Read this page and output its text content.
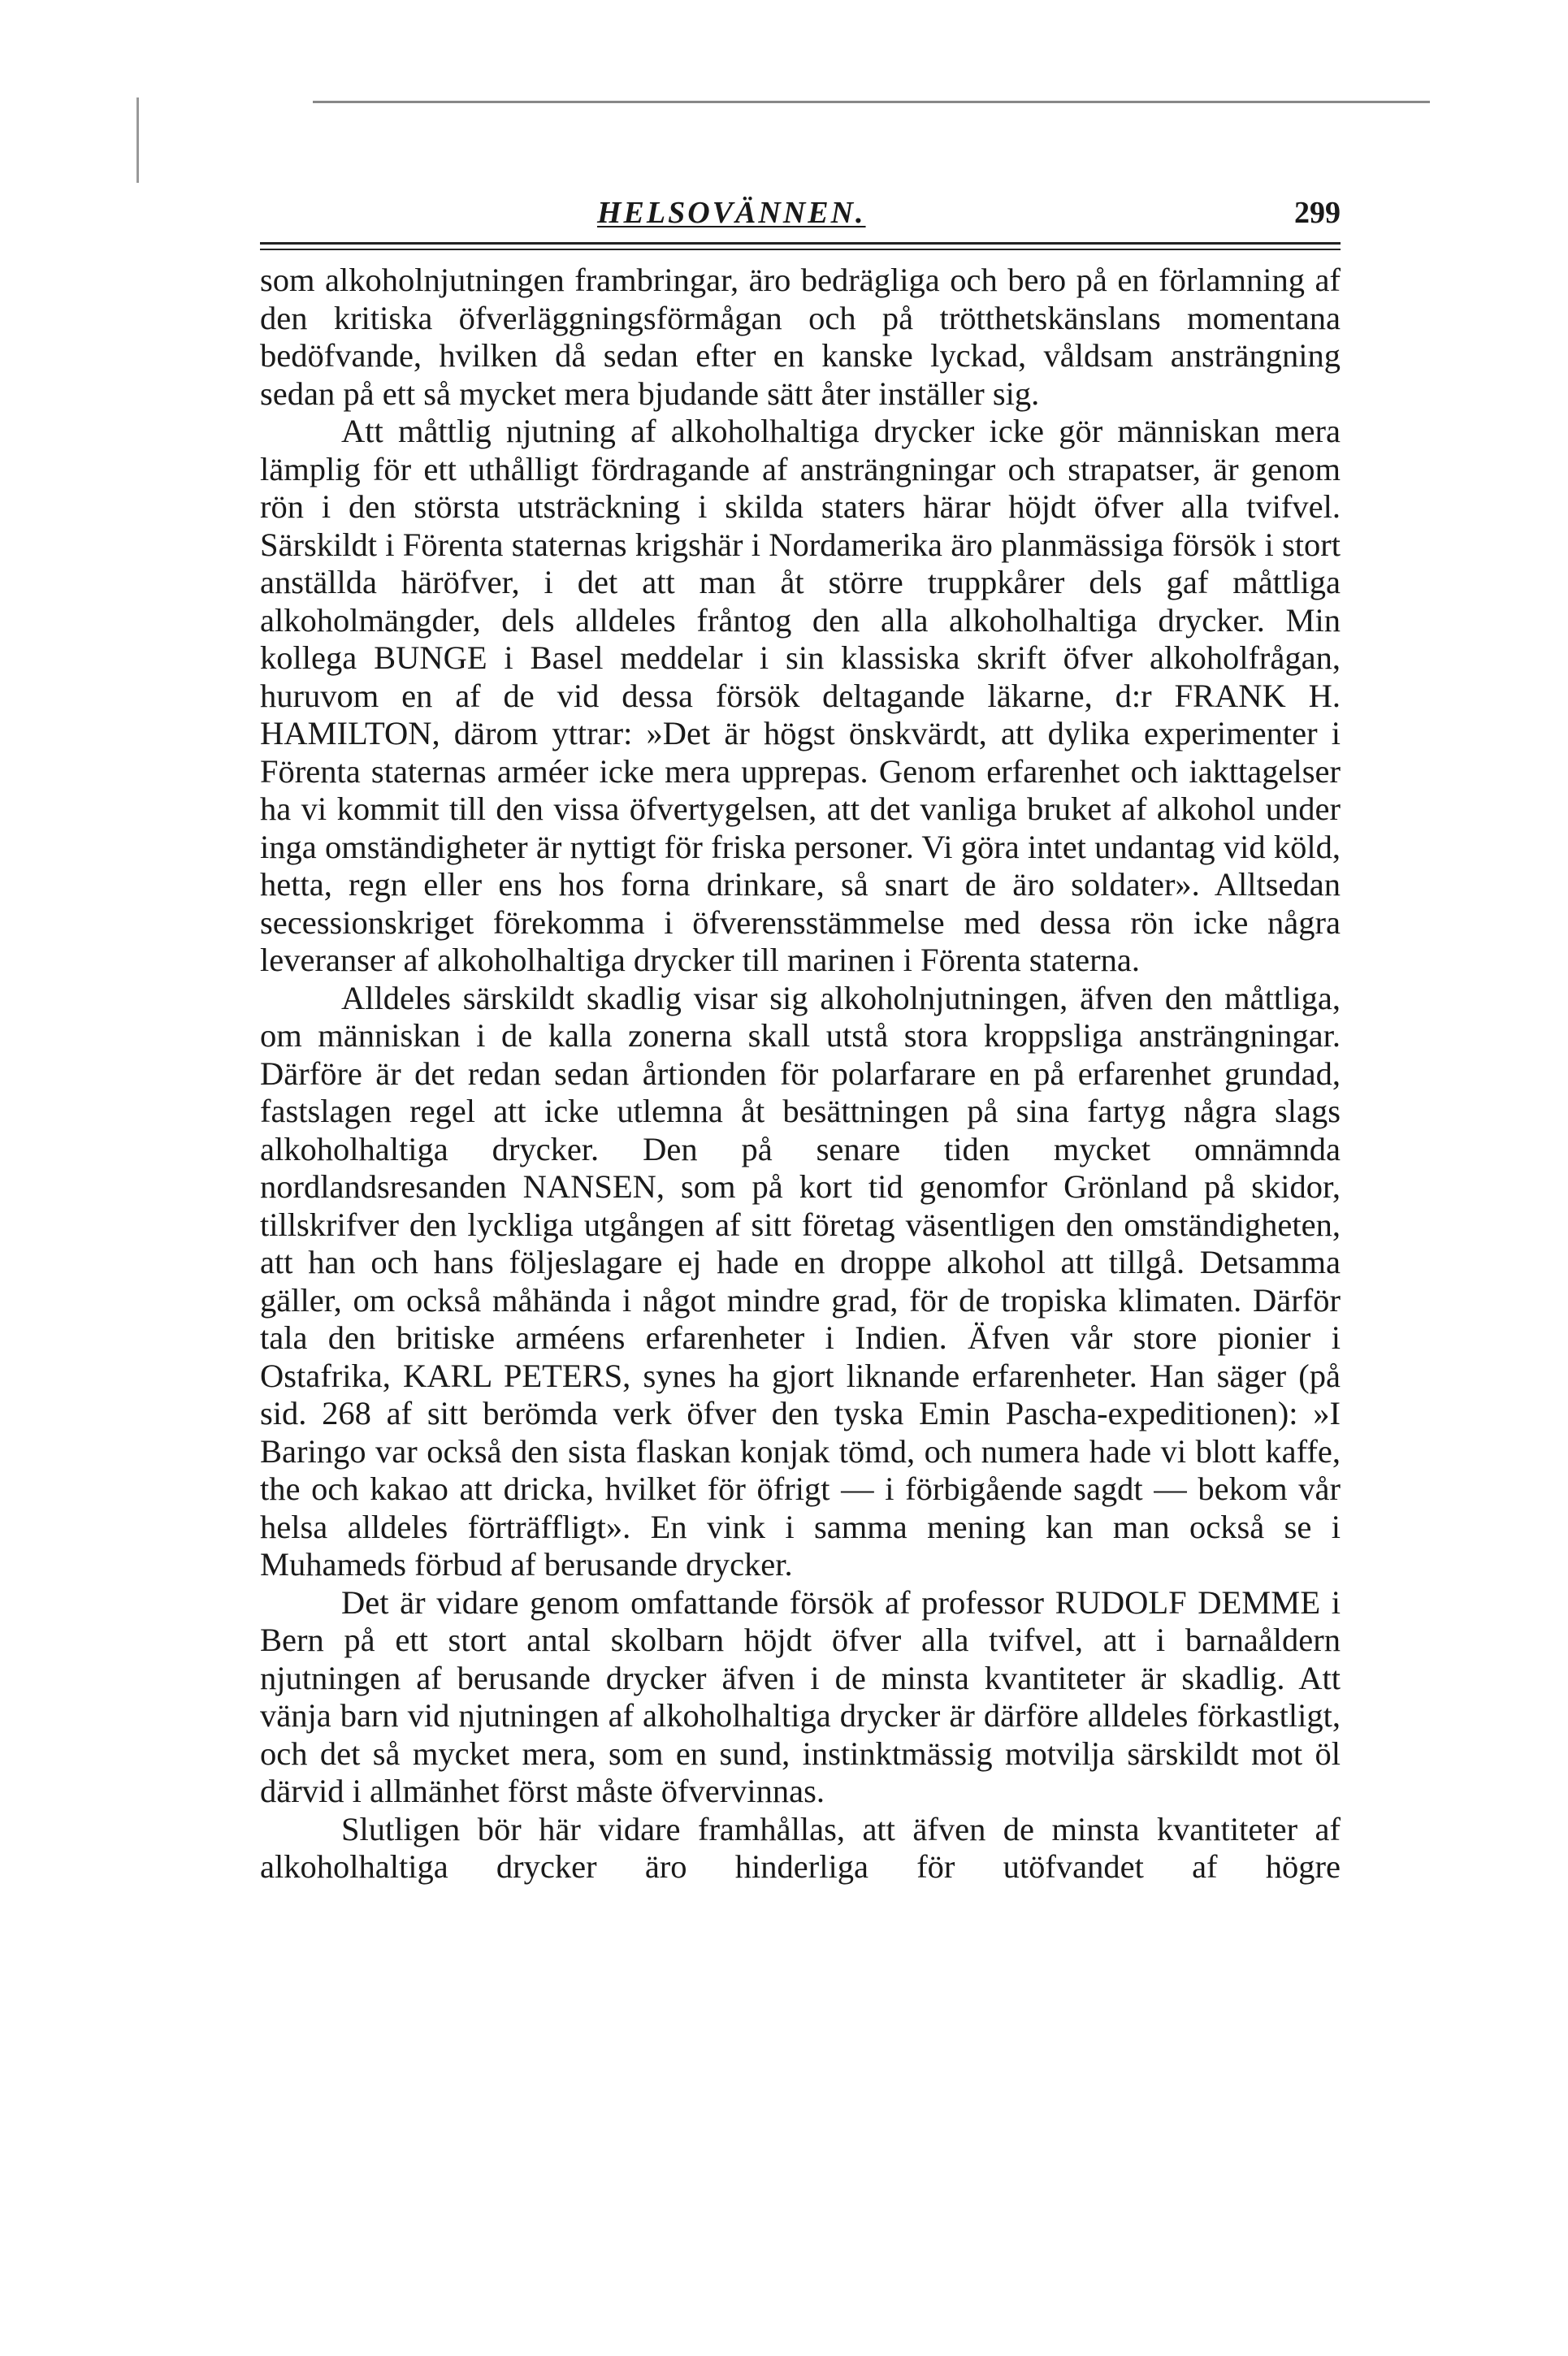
HELSOVÄNNEN.	299

som alkoholnjutningen frambringar, äro bedrägliga och bero på en förlamning af den kritiska öfverläggningsförmågan och på trötthetskänslans momentana bedöfvande, hvilken då sedan efter en kanske lyckad, våldsam ansträngning sedan på ett så mycket mera bjudande sätt åter inställer sig.

Att måttlig njutning af alkoholhaltiga drycker icke gör människan mera lämplig för ett uthålligt fördragande af ansträngningar och strapatser, är genom rön i den största utsträckning i skilda staters härar höjdt öfver alla tvifvel. Särskildt i Förenta staternas krigshär i Nordamerika äro planmässiga försök i stort anställda häröfver, i det att man åt större truppkårer dels gaf måttliga alkoholmängder, dels alldeles fråntog den alla alkoholhaltiga drycker. Min kollega BUNGE i Basel meddelar i sin klassiska skrift öfver alkoholfrågan, huruvom en af de vid dessa försök deltagande läkarne, d:r FRANK H. HAMILTON, därom yttrar: »Det är högst önskvärdt, att dylika experimenter i Förenta staternas arméer icke mera upprepas. Genom erfarenhet och iakttagelser ha vi kommit till den vissa öfvertygelsen, att det vanliga bruket af alkohol under inga omständigheter är nyttigt för friska personer. Vi göra intet undantag vid köld, hetta, regn eller ens hos forna drinkare, så snart de äro soldater». Alltsedan secessionskriget förekomma i öfverensstämmelse med dessa rön icke några leveranser af alkoholhaltiga drycker till marinen i Förenta staterna.

Alldeles särskildt skadlig visar sig alkoholnjutningen, äfven den måttliga, om människan i de kalla zonerna skall utstå stora kroppsliga ansträngningar. Därföre är det redan sedan årtionden för polarfarare en på erfarenhet grundad, fastslagen regel att icke utlemna åt besättningen på sina fartyg några slags alkoholhaltiga drycker. Den på senare tiden mycket omnämnda nordlandsresanden NANSEN, som på kort tid genomfor Grönland på skidor, tillskrifver den lyckliga utgången af sitt företag väsentligen den omständigheten, att han och hans följeslagare ej hade en droppe alkohol att tillgå. Detsamma gäller, om också måhända i något mindre grad, för de tropiska klimaten. Därför tala den britiske arméens erfarenheter i Indien. Äfven vår store pionier i Ostafrika, KARL PETERS, synes ha gjort liknande erfarenheter. Han säger (på sid. 268 af sitt berömda verk öfver den tyska Emin Pascha-expeditionen): »I Baringo var också den sista flaskan konjak tömd, och numera hade vi blott kaffe, the och kakao att dricka, hvilket för öfrigt — i förbigående sagdt — bekom vår helsa alldeles förträffligt». En vink i samma mening kan man också se i Muhameds förbud af berusande drycker.

Det är vidare genom omfattande försök af professor RUDOLF DEMME i Bern på ett stort antal skolbarn höjdt öfver alla tvifvel, att i barnaåldern njutningen af berusande drycker äfven i de minsta kvantiteter är skadlig. Att vänja barn vid njutningen af alkoholhaltiga drycker är därföre alldeles förkastligt, och det så mycket mera, som en sund, instinktmässig motvilja särskildt mot öl därvid i allmänhet först måste öfvervinnas.

Slutligen bör här vidare framhållas, att äfven de minsta kvantiteter af alkoholhaltiga drycker äro hinderliga för utöfvandet af högre
